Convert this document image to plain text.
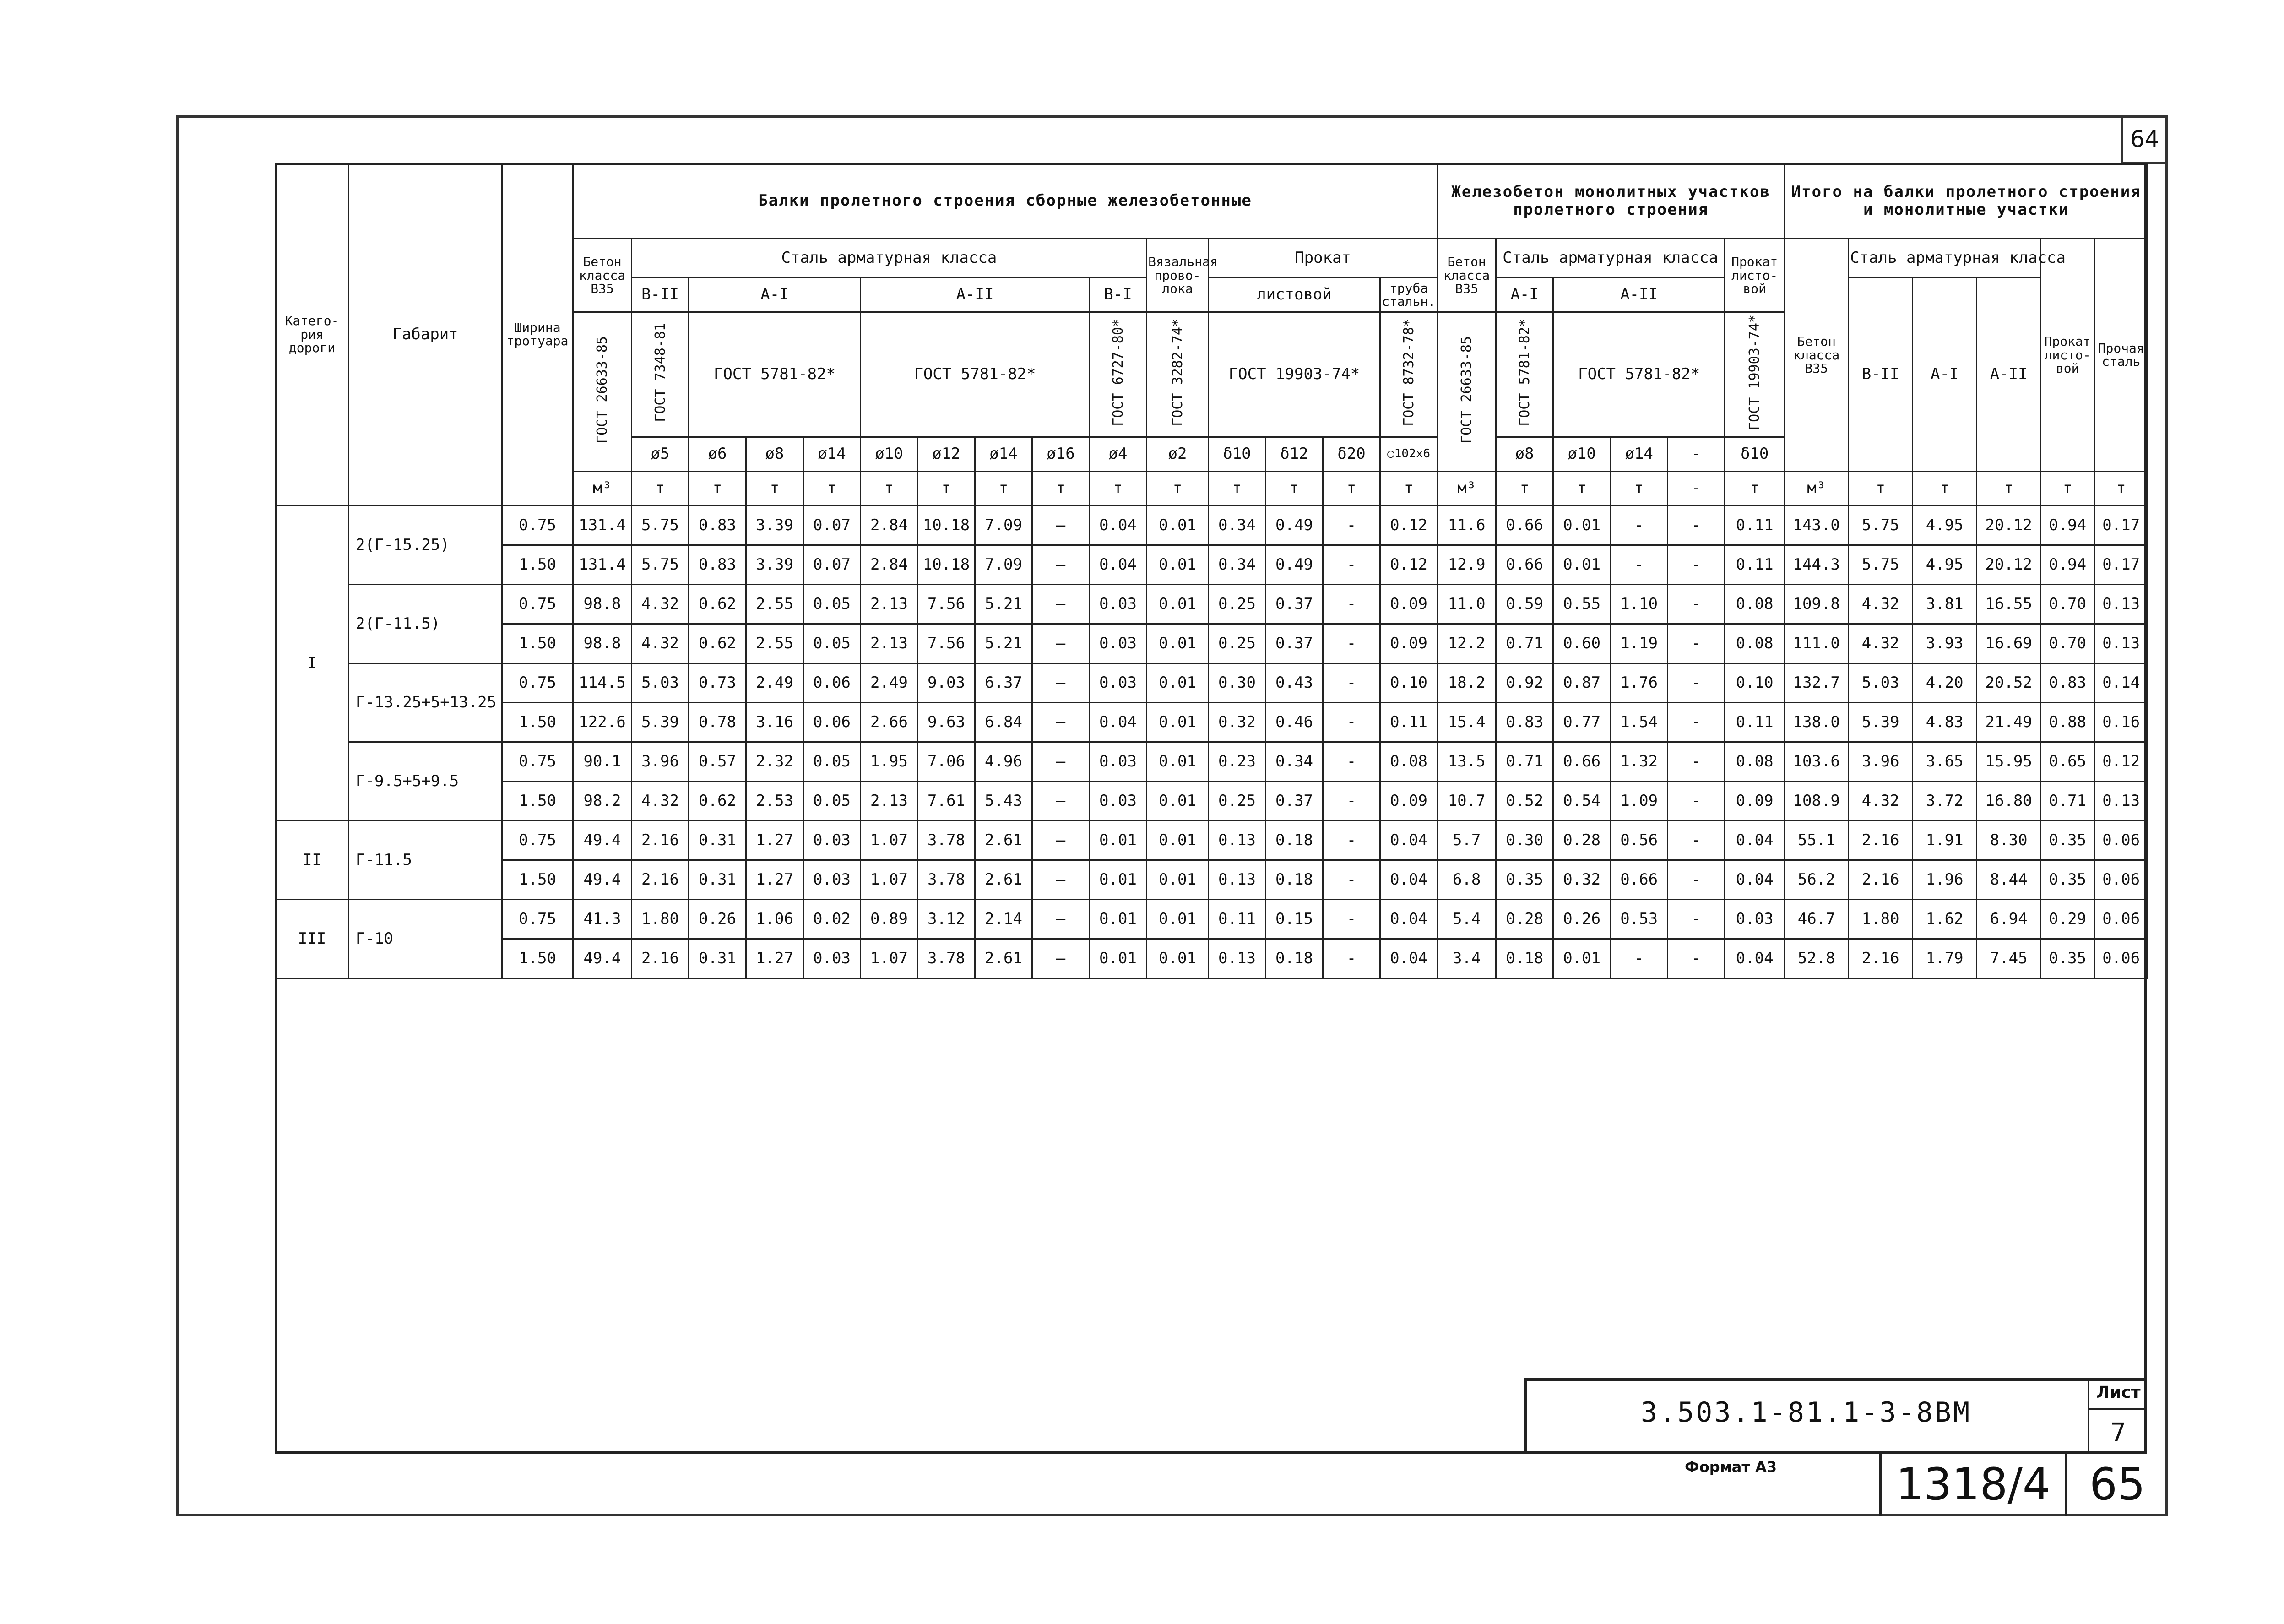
64
Катего-рия дороги	Габарит	Ширина тротуара	Балки пролетного строения сборные железобетонные															Железобетон монолитных участков пролетного строения						Итого на балки пролетного строения и монолитные участки					
			Бетон класса В35	Сталь арматурная класса									Вязальная прово-лока	Прокат				Бетон класса В35	Сталь арматурная класса				Прокат листо-вой	Бетон класса В35	Сталь арматурная класса			Прокат листо-вой	Прочая сталь
				В-II	А-I			А-II				В-I		листовой			труба стальн.		А-I	А-II					В-II	А-I	А-II		
			ГОСТ 26633-85	ГОСТ 7348-81	ГОСТ 5781-82*			ГОСТ 5781-82*				ГОСТ 6727-80*	ГОСТ 3282-74*	ГОСТ 19903-74*			ГОСТ 8732-78*	ГОСТ 26633-85	ГОСТ 5781-82*	ГОСТ 5781-82*			ГОСТ 19903-74*						
				ø5	ø6	ø8	ø14	ø10	ø12	ø14	ø16	ø4	ø2	δ10	δ12	δ20	○102x6		ø8	ø10	ø14	-	δ10						
			м³	т	т	т	т	т	т	т	т	т	т	т	т	т	т	м³	т	т	т	-	т	м³	т	т	т	т	т
I	2(Г-15.25)	0.75	131.4	5.75	0.83	3.39	0.07	2.84	10.18	7.09	–	0.04	0.01	0.34	0.49	-	0.12	11.6	0.66	0.01	-	-	0.11	143.0	5.75	4.95	20.12	0.94	0.17
		1.50	131.4	5.75	0.83	3.39	0.07	2.84	10.18	7.09	–	0.04	0.01	0.34	0.49	-	0.12	12.9	0.66	0.01	-	-	0.11	144.3	5.75	4.95	20.12	0.94	0.17
	2(Г-11.5)	0.75	98.8	4.32	0.62	2.55	0.05	2.13	7.56	5.21	–	0.03	0.01	0.25	0.37	-	0.09	11.0	0.59	0.55	1.10	-	0.08	109.8	4.32	3.81	16.55	0.70	0.13
		1.50	98.8	4.32	0.62	2.55	0.05	2.13	7.56	5.21	–	0.03	0.01	0.25	0.37	-	0.09	12.2	0.71	0.60	1.19	-	0.08	111.0	4.32	3.93	16.69	0.70	0.13
	Г-13.25+5+13.25	0.75	114.5	5.03	0.73	2.49	0.06	2.49	9.03	6.37	–	0.03	0.01	0.30	0.43	-	0.10	18.2	0.92	0.87	1.76	-	0.10	132.7	5.03	4.20	20.52	0.83	0.14
		1.50	122.6	5.39	0.78	3.16	0.06	2.66	9.63	6.84	–	0.04	0.01	0.32	0.46	-	0.11	15.4	0.83	0.77	1.54	-	0.11	138.0	5.39	4.83	21.49	0.88	0.16
	Г-9.5+5+9.5	0.75	90.1	3.96	0.57	2.32	0.05	1.95	7.06	4.96	–	0.03	0.01	0.23	0.34	-	0.08	13.5	0.71	0.66	1.32	-	0.08	103.6	3.96	3.65	15.95	0.65	0.12
		1.50	98.2	4.32	0.62	2.53	0.05	2.13	7.61	5.43	–	0.03	0.01	0.25	0.37	-	0.09	10.7	0.52	0.54	1.09	-	0.09	108.9	4.32	3.72	16.80	0.71	0.13
II	Г-11.5	0.75	49.4	2.16	0.31	1.27	0.03	1.07	3.78	2.61	–	0.01	0.01	0.13	0.18	-	0.04	5.7	0.30	0.28	0.56	-	0.04	55.1	2.16	1.91	8.30	0.35	0.06
		1.50	49.4	2.16	0.31	1.27	0.03	1.07	3.78	2.61	–	0.01	0.01	0.13	0.18	-	0.04	6.8	0.35	0.32	0.66	-	0.04	56.2	2.16	1.96	8.44	0.35	0.06
III	Г-10	0.75	41.3	1.80	0.26	1.06	0.02	0.89	3.12	2.14	–	0.01	0.01	0.11	0.15	-	0.04	5.4	0.28	0.26	0.53	-	0.03	46.7	1.80	1.62	6.94	0.29	0.06
		1.50	49.4	2.16	0.31	1.27	0.03	1.07	3.78	2.61	–	0.01	0.01	0.13	0.18	-	0.04	3.4	0.18	0.01	-	-	0.04	52.8	2.16	1.79	7.45	0.35	0.06
3.503.1-81.1-3-8ВМ
Лист
7
Формат А3	1318/4 65
